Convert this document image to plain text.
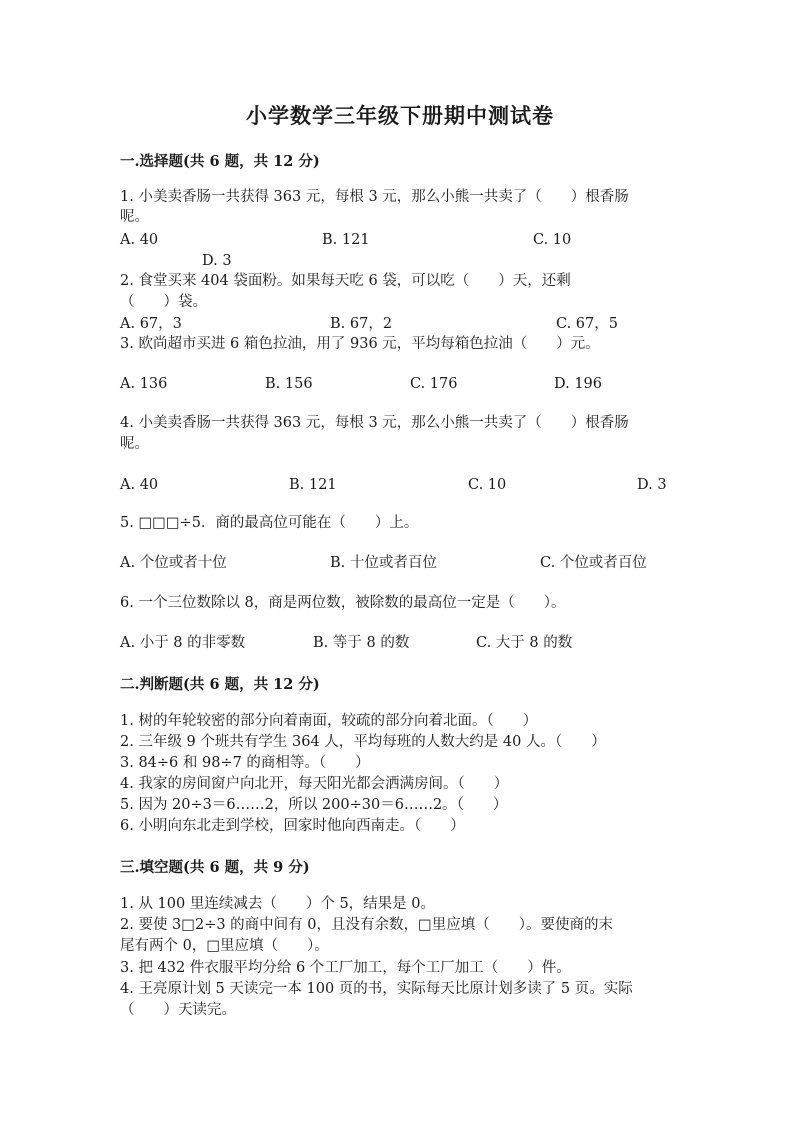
小学数学三年级下册期中测试卷
一.选择题(共 6 题，共 12 分)
1. 小美卖香肠一共获得 363 元，每根 3 元，那么小熊一共卖了（　　）根香肠
呢。
A. 40	B. 121	C. 10
D. 3
2. 食堂买来 404 袋面粉。如果每天吃 6 袋，可以吃（　　）天，还剩
（　　）袋。
A. 67，3	B. 67，2	C. 67，5
3. 欧尚超市买进 6 箱色拉油，用了 936 元，平均每箱色拉油（　　）元。
A. 136	B. 156	C. 176	D. 196
4. 小美卖香肠一共获得 363 元，每根 3 元，那么小熊一共卖了（　　）根香肠
呢。
A. 40	B. 121	C. 10	D. 3
5. □□□÷5．商的最高位可能在（　　）上。
A. 个位或者十位	B. 十位或者百位	C. 个位或者百位
6. 一个三位数除以 8，商是两位数，被除数的最高位一定是（　　）。
A. 小于 8 的非零数	B. 等于 8 的数	C. 大于 8 的数
二.判断题(共 6 题，共 12 分)
1. 树的年轮较密的部分向着南面，较疏的部分向着北面。（　　）
2. 三年级 9 个班共有学生 364 人，平均每班的人数大约是 40 人。（　　）
3. 84÷6 和 98÷7 的商相等。（　　）
4. 我家的房间窗户向北开，每天阳光都会洒满房间。（　　）
5. 因为 20÷3＝6……2，所以 200÷30＝6……2。（　　）
6. 小明向东北走到学校，回家时他向西南走。（　　）
三.填空题(共 6 题，共 9 分)
1. 从 100 里连续减去（　　）个 5，结果是 0。
2. 要使 3□2÷3 的商中间有 0，且没有余数，□里应填（　　）。要使商的末
尾有两个 0，□里应填（　　）。
3. 把 432 件衣服平均分给 6 个工厂加工，每个工厂加工（　　）件。
4. 王亮原计划 5 天读完一本 100 页的书，实际每天比原计划多读了 5 页。实际
（　　）天读完。
